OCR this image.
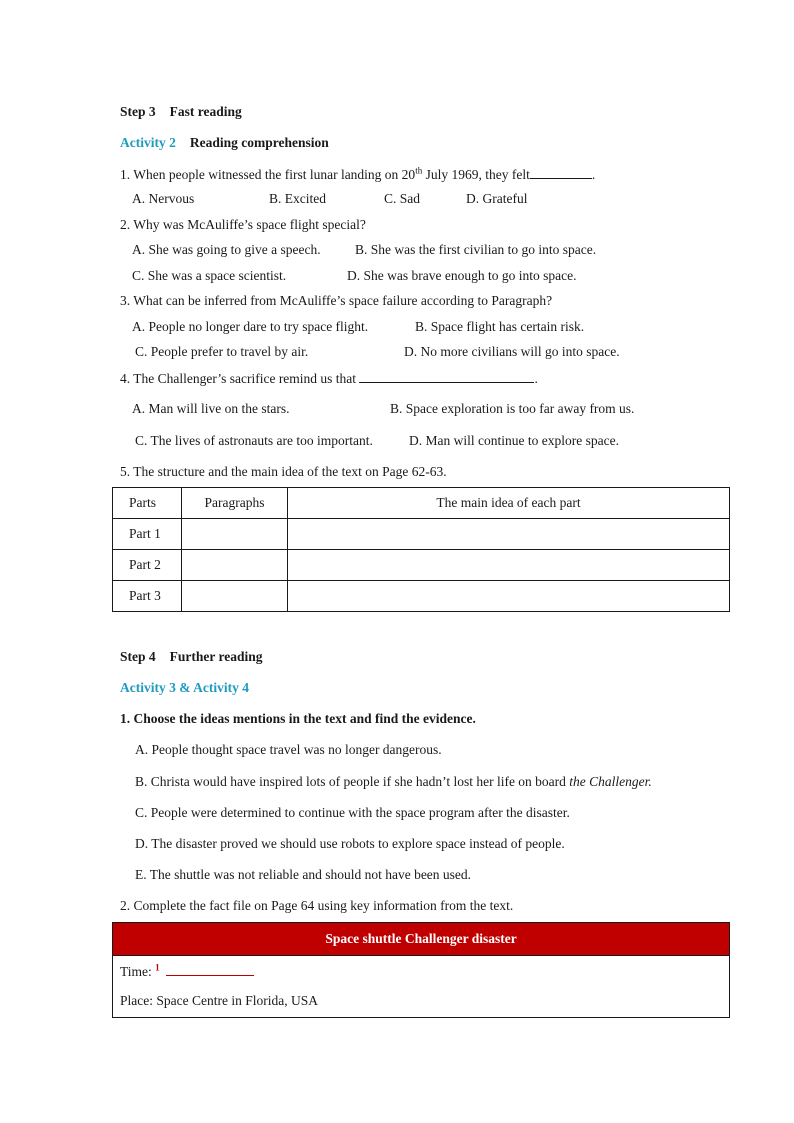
Step 3 Fast reading
Activity 2 Reading comprehension
1. When people witnessed the first lunar landing on 20th July 1969, they felt	.
A. Nervous	B. Excited	C. Sad	D. Grateful
2. Why was McAuliffe’s space flight special?
A. She was going to give a speech.	B. She was the first civilian to go into space.
C. She was a space scientist.	D. She was brave enough to go into space.
3. What can be inferred from McAuliffe’s space failure according to Paragraph?
A. People no longer dare to try space flight.	B. Space flight has certain risk.
C. People prefer to travel by air.	D. No more civilians will go into space.
4. The Challenger’s sacrifice remind us that	.
A. Man will live on the stars.	B. Space exploration is too far away from us.
C. The lives of astronauts are too important.	D. Man will continue to explore space.
5. The structure and the main idea of the text on Page 62-63.
Parts	Paragraphs	The main idea of each part
Part 1		
Part 2		
Part 3		
Step 4 Further reading
Activity 3 & Activity 4
1. Choose the ideas mentions in the text and find the evidence.
A. People thought space travel was no longer dangerous.
B. Christa would have inspired lots of people if she hadn’t lost her life on board the Challenger.
C. People were determined to continue with the space program after the disaster.
D. The disaster proved we should use robots to explore space instead of people.
E. The shuttle was not reliable and should not have been used.
2. Complete the fact file on Page 64 using key information from the text.
Space shuttle Challenger disaster
Time: $^1$
Place: Space Centre in Florida, USA
